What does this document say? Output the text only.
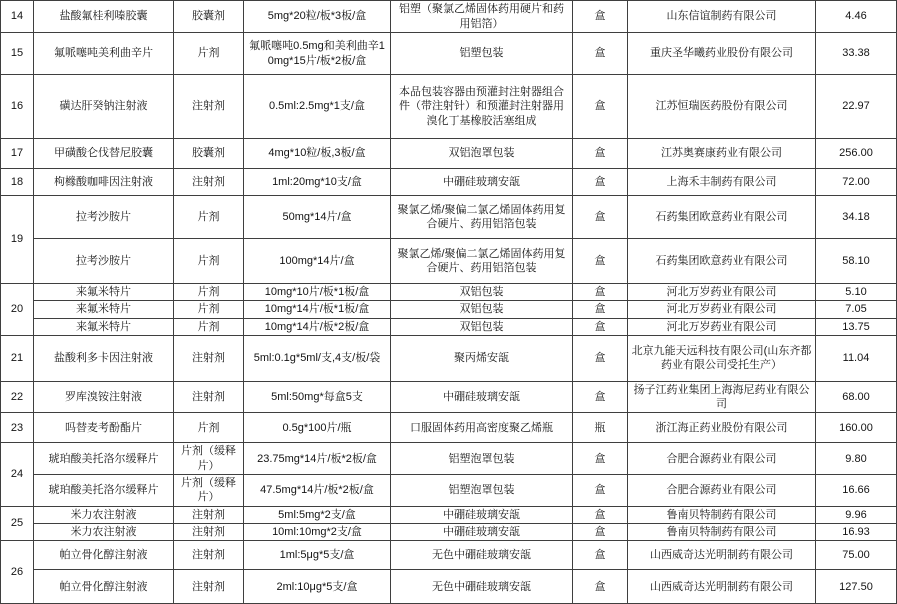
14	盐酸氟桂利嗪胶囊	胶囊剂	5mg*20粒/板*3板/盒	铝塑（聚氯乙烯固体药用硬片和药用铝箔）	盒	山东信谊制药有限公司	4.46
15	氟哌噻吨美利曲辛片	片剂	氟哌噻吨0.5mg和美利曲辛10mg*15片/板*2板/盒	铝塑包装	盒	重庆圣华曦药业股份有限公司	33.38
16	磺达肝癸钠注射液	注射剂	0.5ml:2.5mg*1支/盒	本品包装容器由预灌封注射器组合件（带注射针）和预灌封注射器用溴化丁基橡胶活塞组成	盒	江苏恒瑞医药股份有限公司	22.97
17	甲磺酸仑伐替尼胶囊	胶囊剂	4mg*10粒/板,3板/盒	双铝泡罩包装	盒	江苏奥赛康药业有限公司	256.00
18	枸橼酸咖啡因注射液	注射剂	1ml:20mg*10支/盒	中硼硅玻璃安瓿	盒	上海禾丰制药有限公司	72.00
19	拉考沙胺片	片剂	50mg*14片/盒	聚氯乙烯/聚偏二氯乙烯固体药用复合硬片、药用铝箔包装	盒	石药集团欧意药业有限公司	34.18
	拉考沙胺片	片剂	100mg*14片/盒	聚氯乙烯/聚偏二氯乙烯固体药用复合硬片、药用铝箔包装	盒	石药集团欧意药业有限公司	58.10
20	来氟米特片	片剂	10mg*10片/板*1板/盒	双铝包装	盒	河北万岁药业有限公司	5.10
	来氟米特片	片剂	10mg*14片/板*1板/盒	双铝包装	盒	河北万岁药业有限公司	7.05
	来氟米特片	片剂	10mg*14片/板*2板/盒	双铝包装	盒	河北万岁药业有限公司	13.75
21	盐酸利多卡因注射液	注射剂	5ml:0.1g*5ml/支,4支/板/袋	聚丙烯安瓿	盒	北京九能天远科技有限公司(山东齐都药业有限公司受托生产）	11.04
22	罗库溴铵注射液	注射剂	5ml:50mg*每盒5支	中硼硅玻璃安瓿	盒	扬子江药业集团上海海尼药业有限公司	68.00
23	吗替麦考酚酯片	片剂	0.5g*100片/瓶	口服固体药用高密度聚乙烯瓶	瓶	浙江海正药业股份有限公司	160.00
24	琥珀酸美托洛尔缓释片	片剂（缓释片）	23.75mg*14片/板*2板/盒	铝塑泡罩包装	盒	合肥合源药业有限公司	9.80
	琥珀酸美托洛尔缓释片	片剂（缓释片）	47.5mg*14片/板*2板/盒	铝塑泡罩包装	盒	合肥合源药业有限公司	16.66
25	米力农注射液	注射剂	5ml:5mg*2支/盒	中硼硅玻璃安瓿	盒	鲁南贝特制药有限公司	9.96
	米力农注射液	注射剂	10ml:10mg*2支/盒	中硼硅玻璃安瓿	盒	鲁南贝特制药有限公司	16.93
26	帕立骨化醇注射液	注射剂	1ml:5μg*5支/盒	无色中硼硅玻璃安瓿	盒	山西威奇达光明制药有限公司	75.00
	帕立骨化醇注射液	注射剂	2ml:10μg*5支/盒	无色中硼硅玻璃安瓿	盒	山西威奇达光明制药有限公司	127.50
